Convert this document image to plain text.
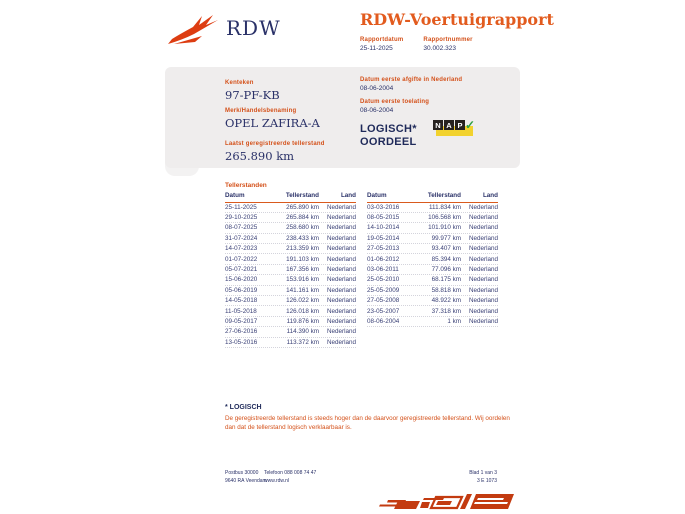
RDW	RDW-Voertuigrapport
Rapportdatum
25-11-2025
Rapportnummer
30.002.323
Kenteken
97-PF-KB
Merk/Handelsbenaming
OPEL ZAFIRA-A
Laatst geregistreerde tellerstand
265.890 km
Datum eerste afgifte in Nederland
08-06-2004
Datum eerste toelating
08-06-2004
LOGISCH*
OORDEEL
N A P ✓
Tellerstanden
Datum	Tellerstand	Land
25-11-2025	265.890 km	Nederland
29-10-2025	265.884 km	Nederland
08-07-2025	258.680 km	Nederland
31-07-2024	238.433 km	Nederland
14-07-2023	213.359 km	Nederland
01-07-2022	191.103 km	Nederland
05-07-2021	167.356 km	Nederland
15-06-2020	153.916 km	Nederland
05-06-2019	141.161 km	Nederland
14-05-2018	126.022 km	Nederland
11-05-2018	126.018 km	Nederland
09-05-2017	119.876 km	Nederland
27-06-2016	114.390 km	Nederland
13-05-2016	113.372 km	Nederland
Datum	Tellerstand	Land
03-03-2016	111.834 km	Nederland
08-05-2015	106.568 km	Nederland
14-10-2014	101.910 km	Nederland
19-05-2014	99.977 km	Nederland
27-05-2013	93.407 km	Nederland
01-06-2012	85.394 km	Nederland
03-06-2011	77.096 km	Nederland
25-05-2010	68.175 km	Nederland
25-05-2009	58.818 km	Nederland
27-05-2008	48.922 km	Nederland
23-05-2007	37.318 km	Nederland
08-06-2004	1 km	Nederland
* LOGISCH
De geregistreerde tellerstand is steeds hoger dan de daarvoor geregistreerde tellerstand. Wij oordelen dan dat de tellerstand logisch verklaarbaar is.
Postbus 30000
9640 RA Veendam
Telefoon 088 008 74 47
www.rdw.nl
Blad 1 van 3
3 E 1073
